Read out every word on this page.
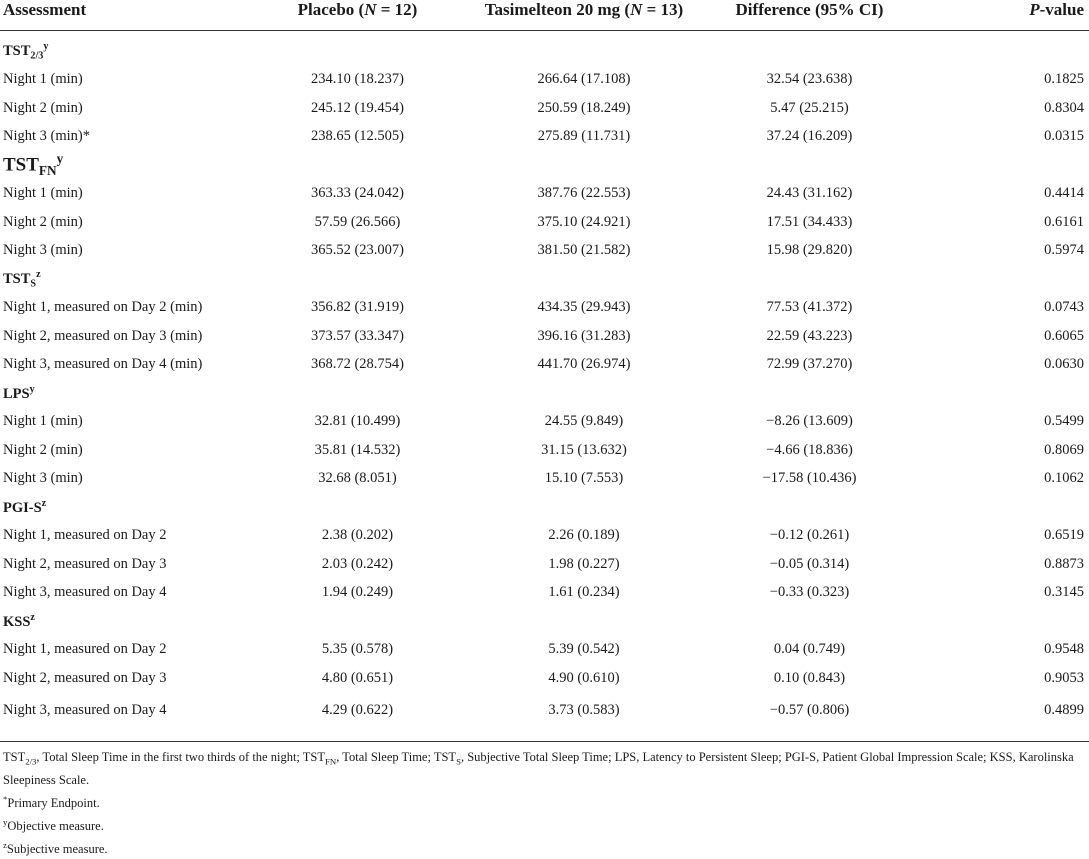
Assessment	Placebo (N = 12)	Tasimelteon 20 mg (N = 13)	Difference (95% CI)	P-value
$TST_{2/3}^y$
Night 1 (min)	234.10 (18.237)	266.64 (17.108)	32.54 (23.638)	0.1825
Night 2 (min)	245.12 (19.454)	250.59 (18.249)	5.47 (25.215)	0.8304
Night 3 (min)*	238.65 (12.505)	275.89 (11.731)	37.24 (16.209)	0.0315
$TST_{FN}^y$
Night 1 (min)	363.33 (24.042)	387.76 (22.553)	24.43 (31.162)	0.4414
Night 2 (min)	57.59 (26.566)	375.10 (24.921)	17.51 (34.433)	0.6161
Night 3 (min)	365.52 (23.007)	381.50 (21.582)	15.98 (29.820)	0.5974
$TST_S^z$
Night 1, measured on Day 2 (min)	356.82 (31.919)	434.35 (29.943)	77.53 (41.372)	0.0743
Night 2, measured on Day 3 (min)	373.57 (33.347)	396.16 (31.283)	22.59 (43.223)	0.6065
Night 3, measured on Day 4 (min)	368.72 (28.754)	441.70 (26.974)	72.99 (37.270)	0.0630
LPS$^y$
Night 1 (min)	32.81 (10.499)	24.55 (9.849)	−8.26 (13.609)	0.5499
Night 2 (min)	35.81 (14.532)	31.15 (13.632)	−4.66 (18.836)	0.8069
Night 3 (min)	32.68 (8.051)	15.10 (7.553)	−17.58 (10.436)	0.1062
PGI-$S^z$
Night 1, measured on Day 2	2.38 (0.202)	2.26 (0.189)	−0.12 (0.261)	0.6519
Night 2, measured on Day 3	2.03 (0.242)	1.98 (0.227)	−0.05 (0.314)	0.8873
Night 3, measured on Day 4	1.94 (0.249)	1.61 (0.234)	−0.33 (0.323)	0.3145
KSS$^z$
Night 1, measured on Day 2	5.35 (0.578)	5.39 (0.542)	0.04 (0.749)	0.9548
Night 2, measured on Day 3	4.80 (0.651)	4.90 (0.610)	0.10 (0.843)	0.9053
Night 3, measured on Day 4	4.29 (0.622)	3.73 (0.583)	−0.57 (0.806)	0.4899

$TST_{2/3}$, Total Sleep Time in the first two thirds of the night; $TST_{FN}$, Total Sleep Time; $TST_S$, Subjective Total Sleep Time; LPS, Latency to Persistent Sleep; PGI-S, Patient Global Impression Scale; KSS, Karolinska Sleepiness Scale.

*Primary Endpoint.

$^y$Objective measure.

$^z$Subjective measure.
